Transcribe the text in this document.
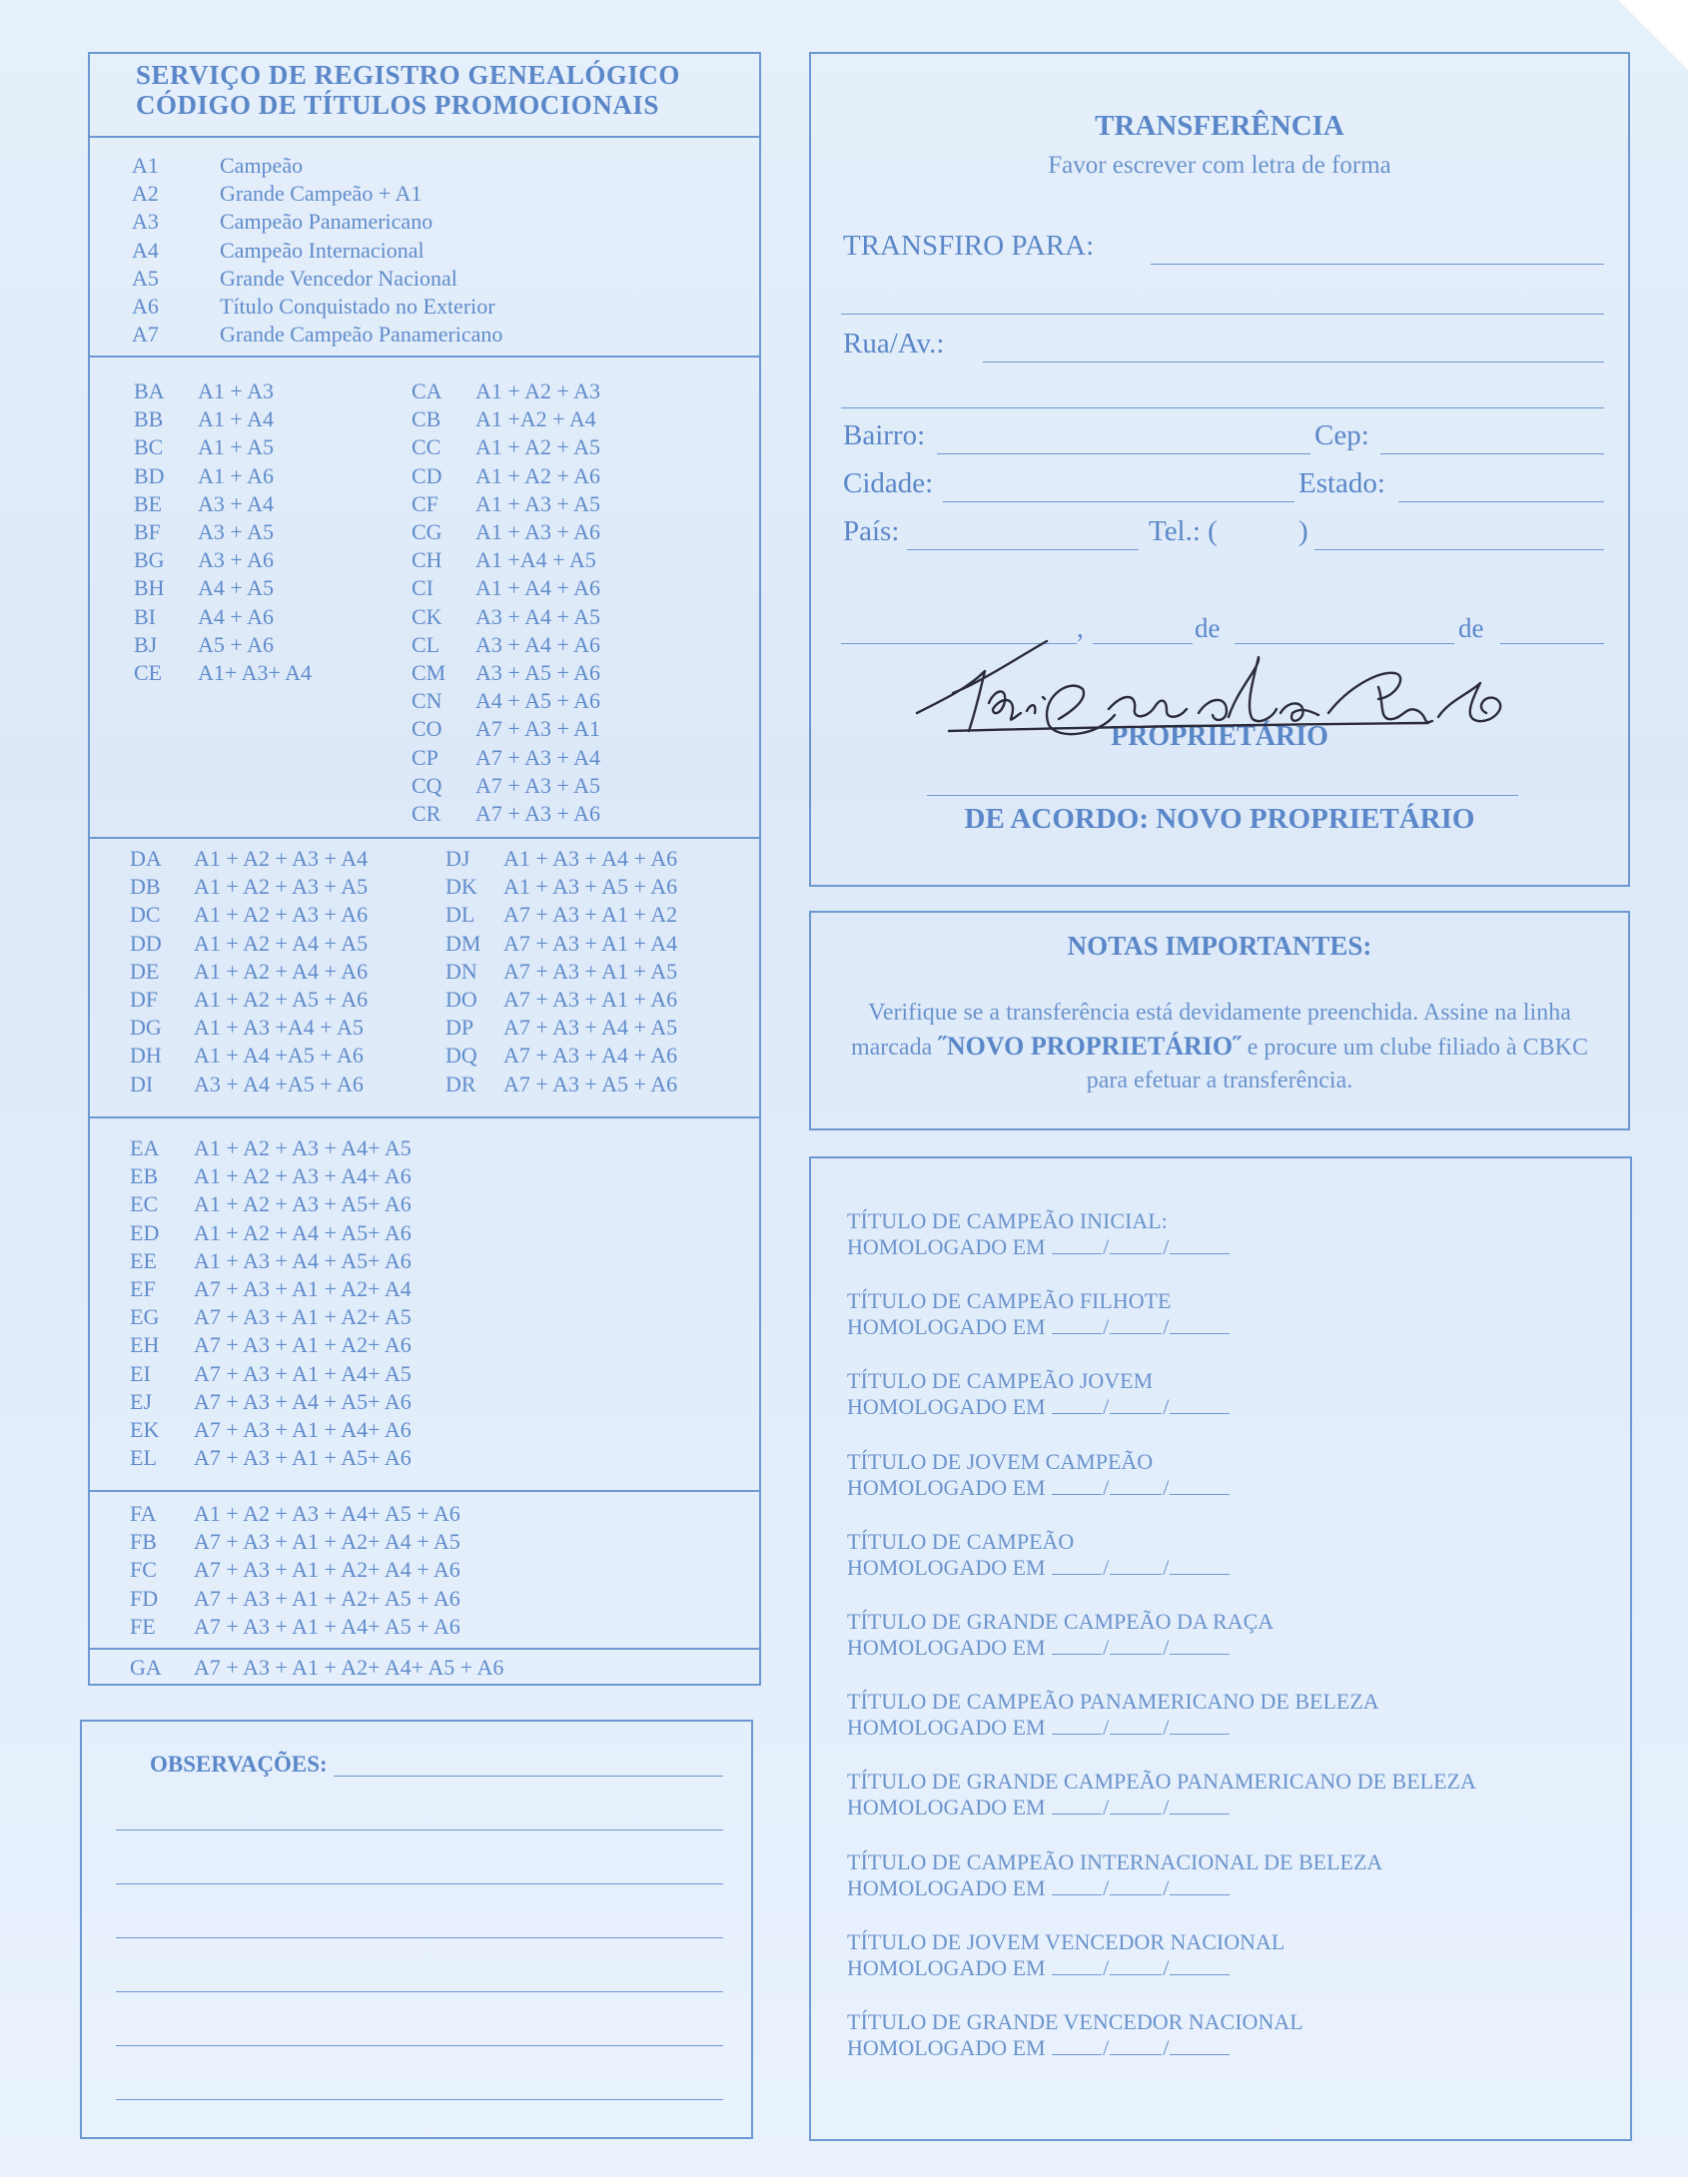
SERVIÇO DE REGISTRO GENEALÓGICO
CÓDIGO DE TÍTULOS PROMOCIONAIS
A1	Campeão
A2	Grande Campeão + A1
A3	Campeão Panamericano
A4	Campeão Internacional
A5	Grande Vencedor Nacional
A6	Título Conquistado no Exterior
A7	Grande Campeão Panamericano
BA A1 + A3
BB A1 + A4
BC A1 + A5
BD A1 + A6
BE A3 + A4
BF A3 + A5
BG A3 + A6
BH A4 + A5
BI A4 + A6
BJ A5 + A6
CE A1+ A3+ A4
CA A1 + A2 + A3
CB A1 +A2 + A4
CC A1 + A2 + A5
CD A1 + A2 + A6
CF A1 + A3 + A5
CG A1 + A3 + A6
CH A1 +A4 + A5
CI A1 + A4 + A6
CK A3 + A4 + A5
CL A3 + A4 + A6
CM A3 + A5 + A6
CN A4 + A5 + A6
CO A7 + A3 + A1
CP A7 + A3 + A4
CQ A7 + A3 + A5
CR A7 + A3 + A6
DA A1 + A2 + A3 + A4
DB A1 + A2 + A3 + A5
DC A1 + A2 + A3 + A6
DD A1 + A2 + A4 + A5
DE A1 + A2 + A4 + A6
DF A1 + A2 + A5 + A6
DG A1 + A3 +A4 + A5
DH A1 + A4 +A5 + A6
DI A3 + A4 +A5 + A6
DJ A1 + A3 + A4 + A6
DK A1 + A3 + A5 + A6
DL A7 + A3 + A1 + A2
DM A7 + A3 + A1 + A4
DN A7 + A3 + A1 + A5
DO A7 + A3 + A1 + A6
DP A7 + A3 + A4 + A5
DQ A7 + A3 + A4 + A6
DR A7 + A3 + A5 + A6
EA A1 + A2 + A3 + A4+ A5
EB A1 + A2 + A3 + A4+ A6
EC A1 + A2 + A3 + A5+ A6
ED A1 + A2 + A4 + A5+ A6
EE A1 + A3 + A4 + A5+ A6
EF A7 + A3 + A1 + A2+ A4
EG A7 + A3 + A1 + A2+ A5
EH A7 + A3 + A1 + A2+ A6
EI A7 + A3 + A1 + A4+ A5
EJ A7 + A3 + A4 + A5+ A6
EK A7 + A3 + A1 + A4+ A6
EL A7 + A3 + A1 + A5+ A6
FA A1 + A2 + A3 + A4+ A5 + A6
FB A7 + A3 + A1 + A2+ A4 + A5
FC A7 + A3 + A1 + A2+ A4 + A6
FD A7 + A3 + A1 + A2+ A5 + A6
FE A7 + A3 + A1 + A4+ A5 + A6
GA A7 + A3 + A1 + A2+ A4+ A5 + A6
OBSERVAÇÕES:
TRANSFERÊNCIA
Favor escrever com letra de forma
TRANSFIRO PARA:
Rua/Av.:
Bairro:	Cep:
Cidade:	Estado:
País:	Tel.: (	)
,	de	de
PROPRIETÁRIO
DE ACORDO: NOVO PROPRIETÁRIO
NOTAS IMPORTANTES:
Verifique se a transferência está devidamente preenchida. Assine na linha marcada ˝NOVO PROPRIETÁRIO˝ e procure um clube filiado à CBKC para efetuar a transferência.
TÍTULO DE CAMPEÃO INICIAL:
HOMOLOGADO EM	/ /
TÍTULO DE CAMPEÃO FILHOTE
HOMOLOGADO EM	/ /
TÍTULO DE CAMPEÃO JOVEM
HOMOLOGADO EM	/ /
TÍTULO DE JOVEM CAMPEÃO
HOMOLOGADO EM	/ /
TÍTULO DE CAMPEÃO
HOMOLOGADO EM	/ /
TÍTULO DE GRANDE CAMPEÃO DA RAÇA
HOMOLOGADO EM	/ /
TÍTULO DE CAMPEÃO PANAMERICANO DE BELEZA
HOMOLOGADO EM	/ /
TÍTULO DE GRANDE CAMPEÃO PANAMERICANO DE BELEZA
HOMOLOGADO EM	/ /
TÍTULO DE CAMPEÃO INTERNACIONAL DE BELEZA
HOMOLOGADO EM	/ /
TÍTULO DE JOVEM VENCEDOR NACIONAL
HOMOLOGADO EM	/ /
TÍTULO DE GRANDE VENCEDOR NACIONAL
HOMOLOGADO EM	/ /
